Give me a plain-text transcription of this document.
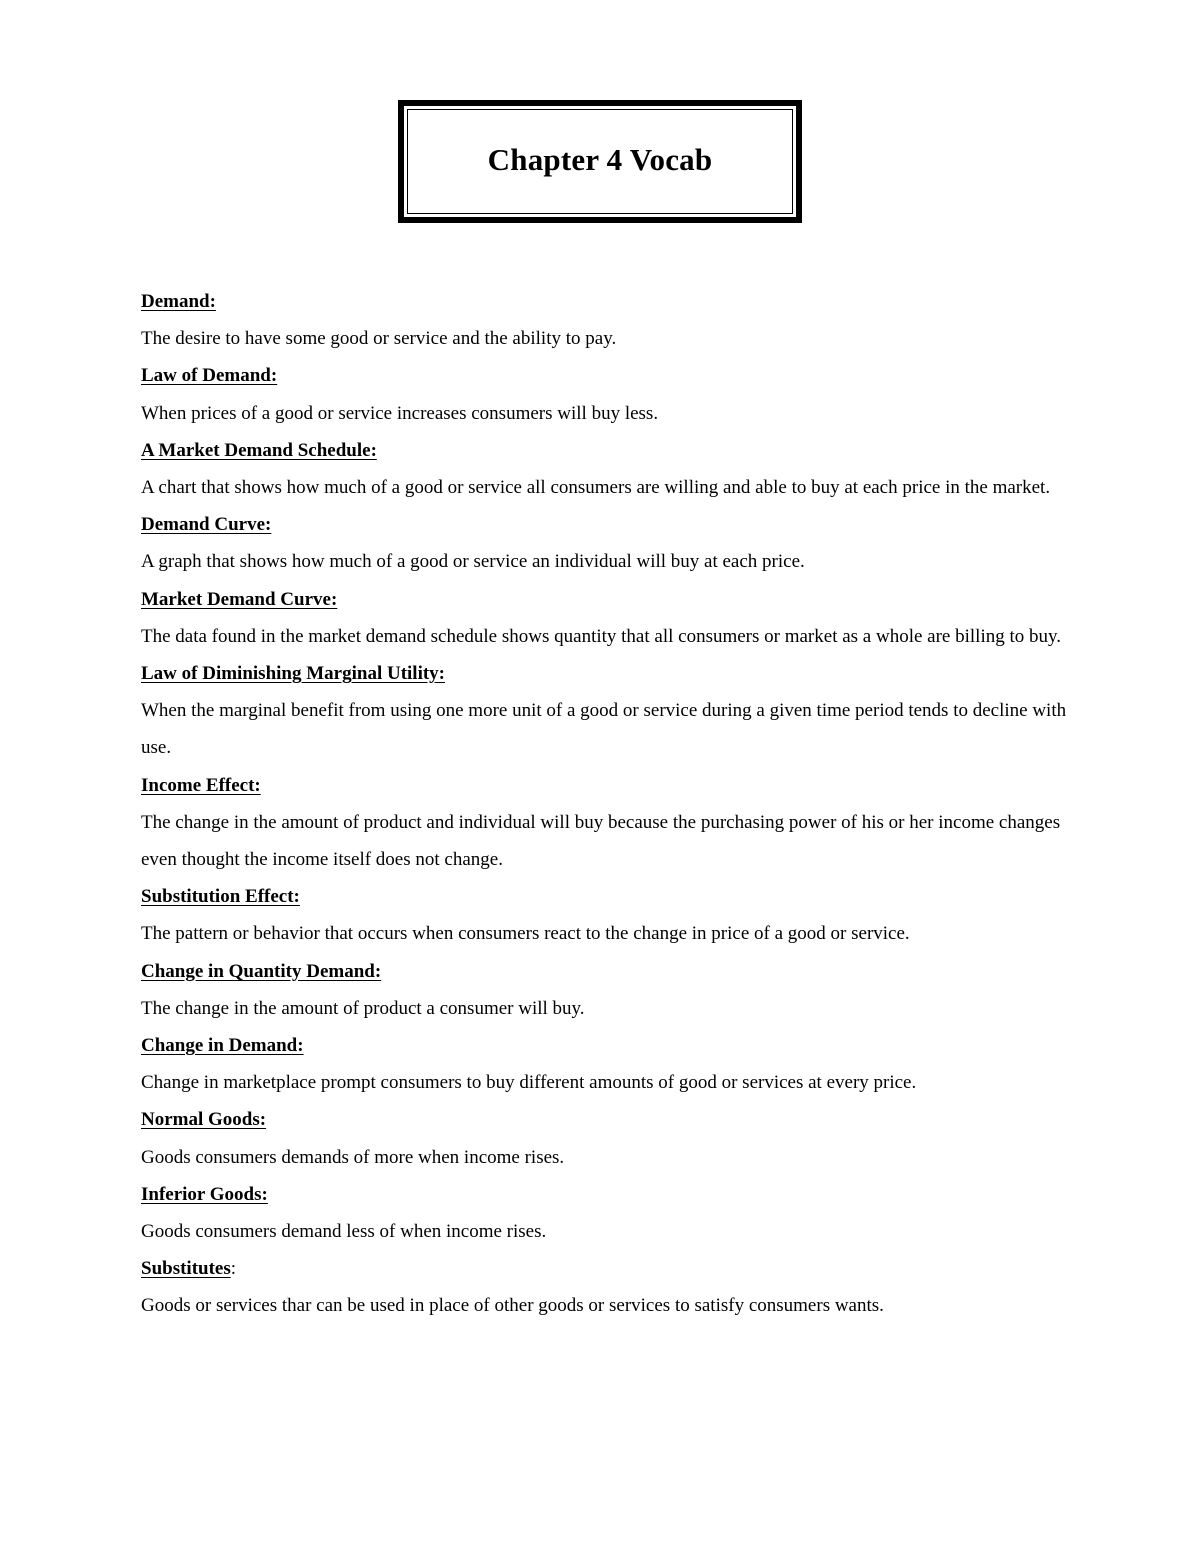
Chapter 4 Vocab
Demand:
The desire to have some good or service and the ability to pay.
Law of Demand:
When prices of a good or service increases consumers will buy less.
A Market Demand Schedule:
A chart that shows how much of a good or service all consumers are willing and able to buy at each price in the market.
Demand Curve:
A graph that shows how much of a good or service an individual will buy at each price.
Market Demand Curve:
The data found in the market demand schedule shows quantity that all consumers or market as a whole are billing to buy.
Law of Diminishing Marginal Utility:
When the marginal benefit from using one more unit of a good or service during a given time period tends to decline with use.
Income Effect:
The change in the amount of product and individual will buy because the purchasing power of his or her income changes even thought the income itself does not change.
Substitution Effect:
The pattern or behavior that occurs when consumers react to the change in price of a good or service.
Change in Quantity Demand:
The change in the amount of product a consumer will buy.
Change in Demand:
Change in marketplace prompt consumers to buy different amounts of good or services at every price.
Normal Goods:
Goods consumers demands of more when income rises.
Inferior Goods:
Goods consumers demand less of when income rises.
Substitutes:
Goods or services thar can be used in place of other goods or services to satisfy consumers wants.
